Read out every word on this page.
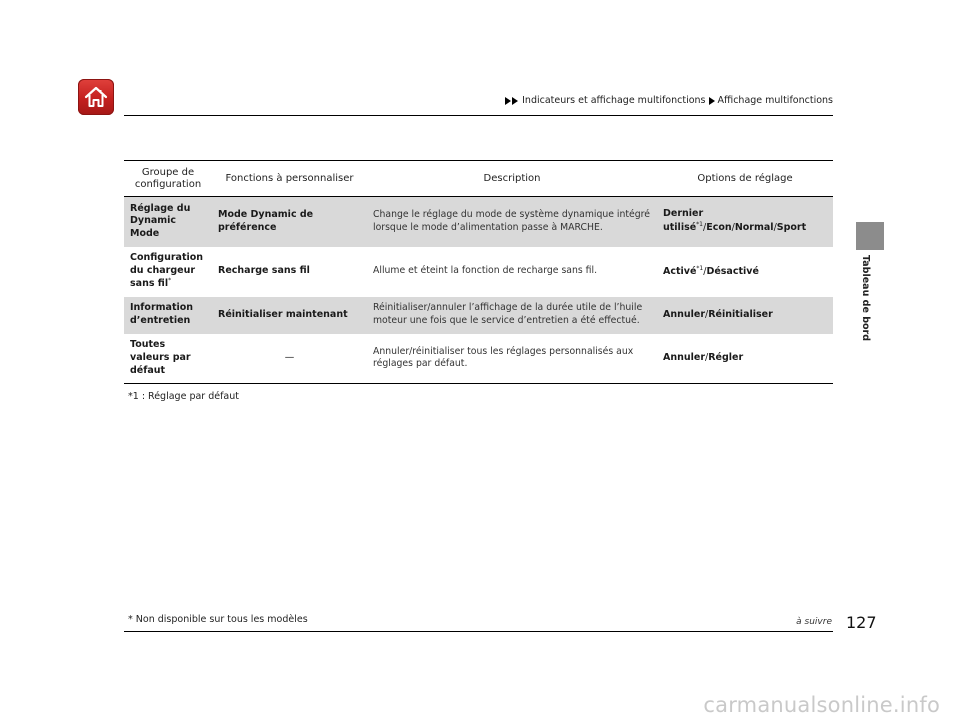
Indicateurs et affichage multifonctions Affichage multifonctions
Tableau de bord
Groupe de configuration	Fonctions à personnaliser	Description	Options de réglage
Réglage du Dynamic Mode	Mode Dynamic de préférence	Change le réglage du mode de système dynamique intégré lorsque le mode d’alimentation passe à MARCHE.	Dernier utilisé$^{*1}$/Econ/Normal/Sport
Configuration du chargeur sans fil*	Recharge sans fil	Allume et éteint la fonction de recharge sans fil.	Activé$^{*1}$/Désactivé
Information d’entretien	Réinitialiser maintenant	Réinitialiser/annuler l’affichage de la durée utile de l’huile moteur une fois que le service d’entretien a été effectué.	Annuler/Réinitialiser
Toutes valeurs par défaut	—	Annuler/réinitialiser tous les réglages personnalisés aux réglages par défaut.	Annuler/Régler
*1 : Réglage par défaut
* Non disponible sur tous les modèles	à suivre 127
carmanualsonline.info
